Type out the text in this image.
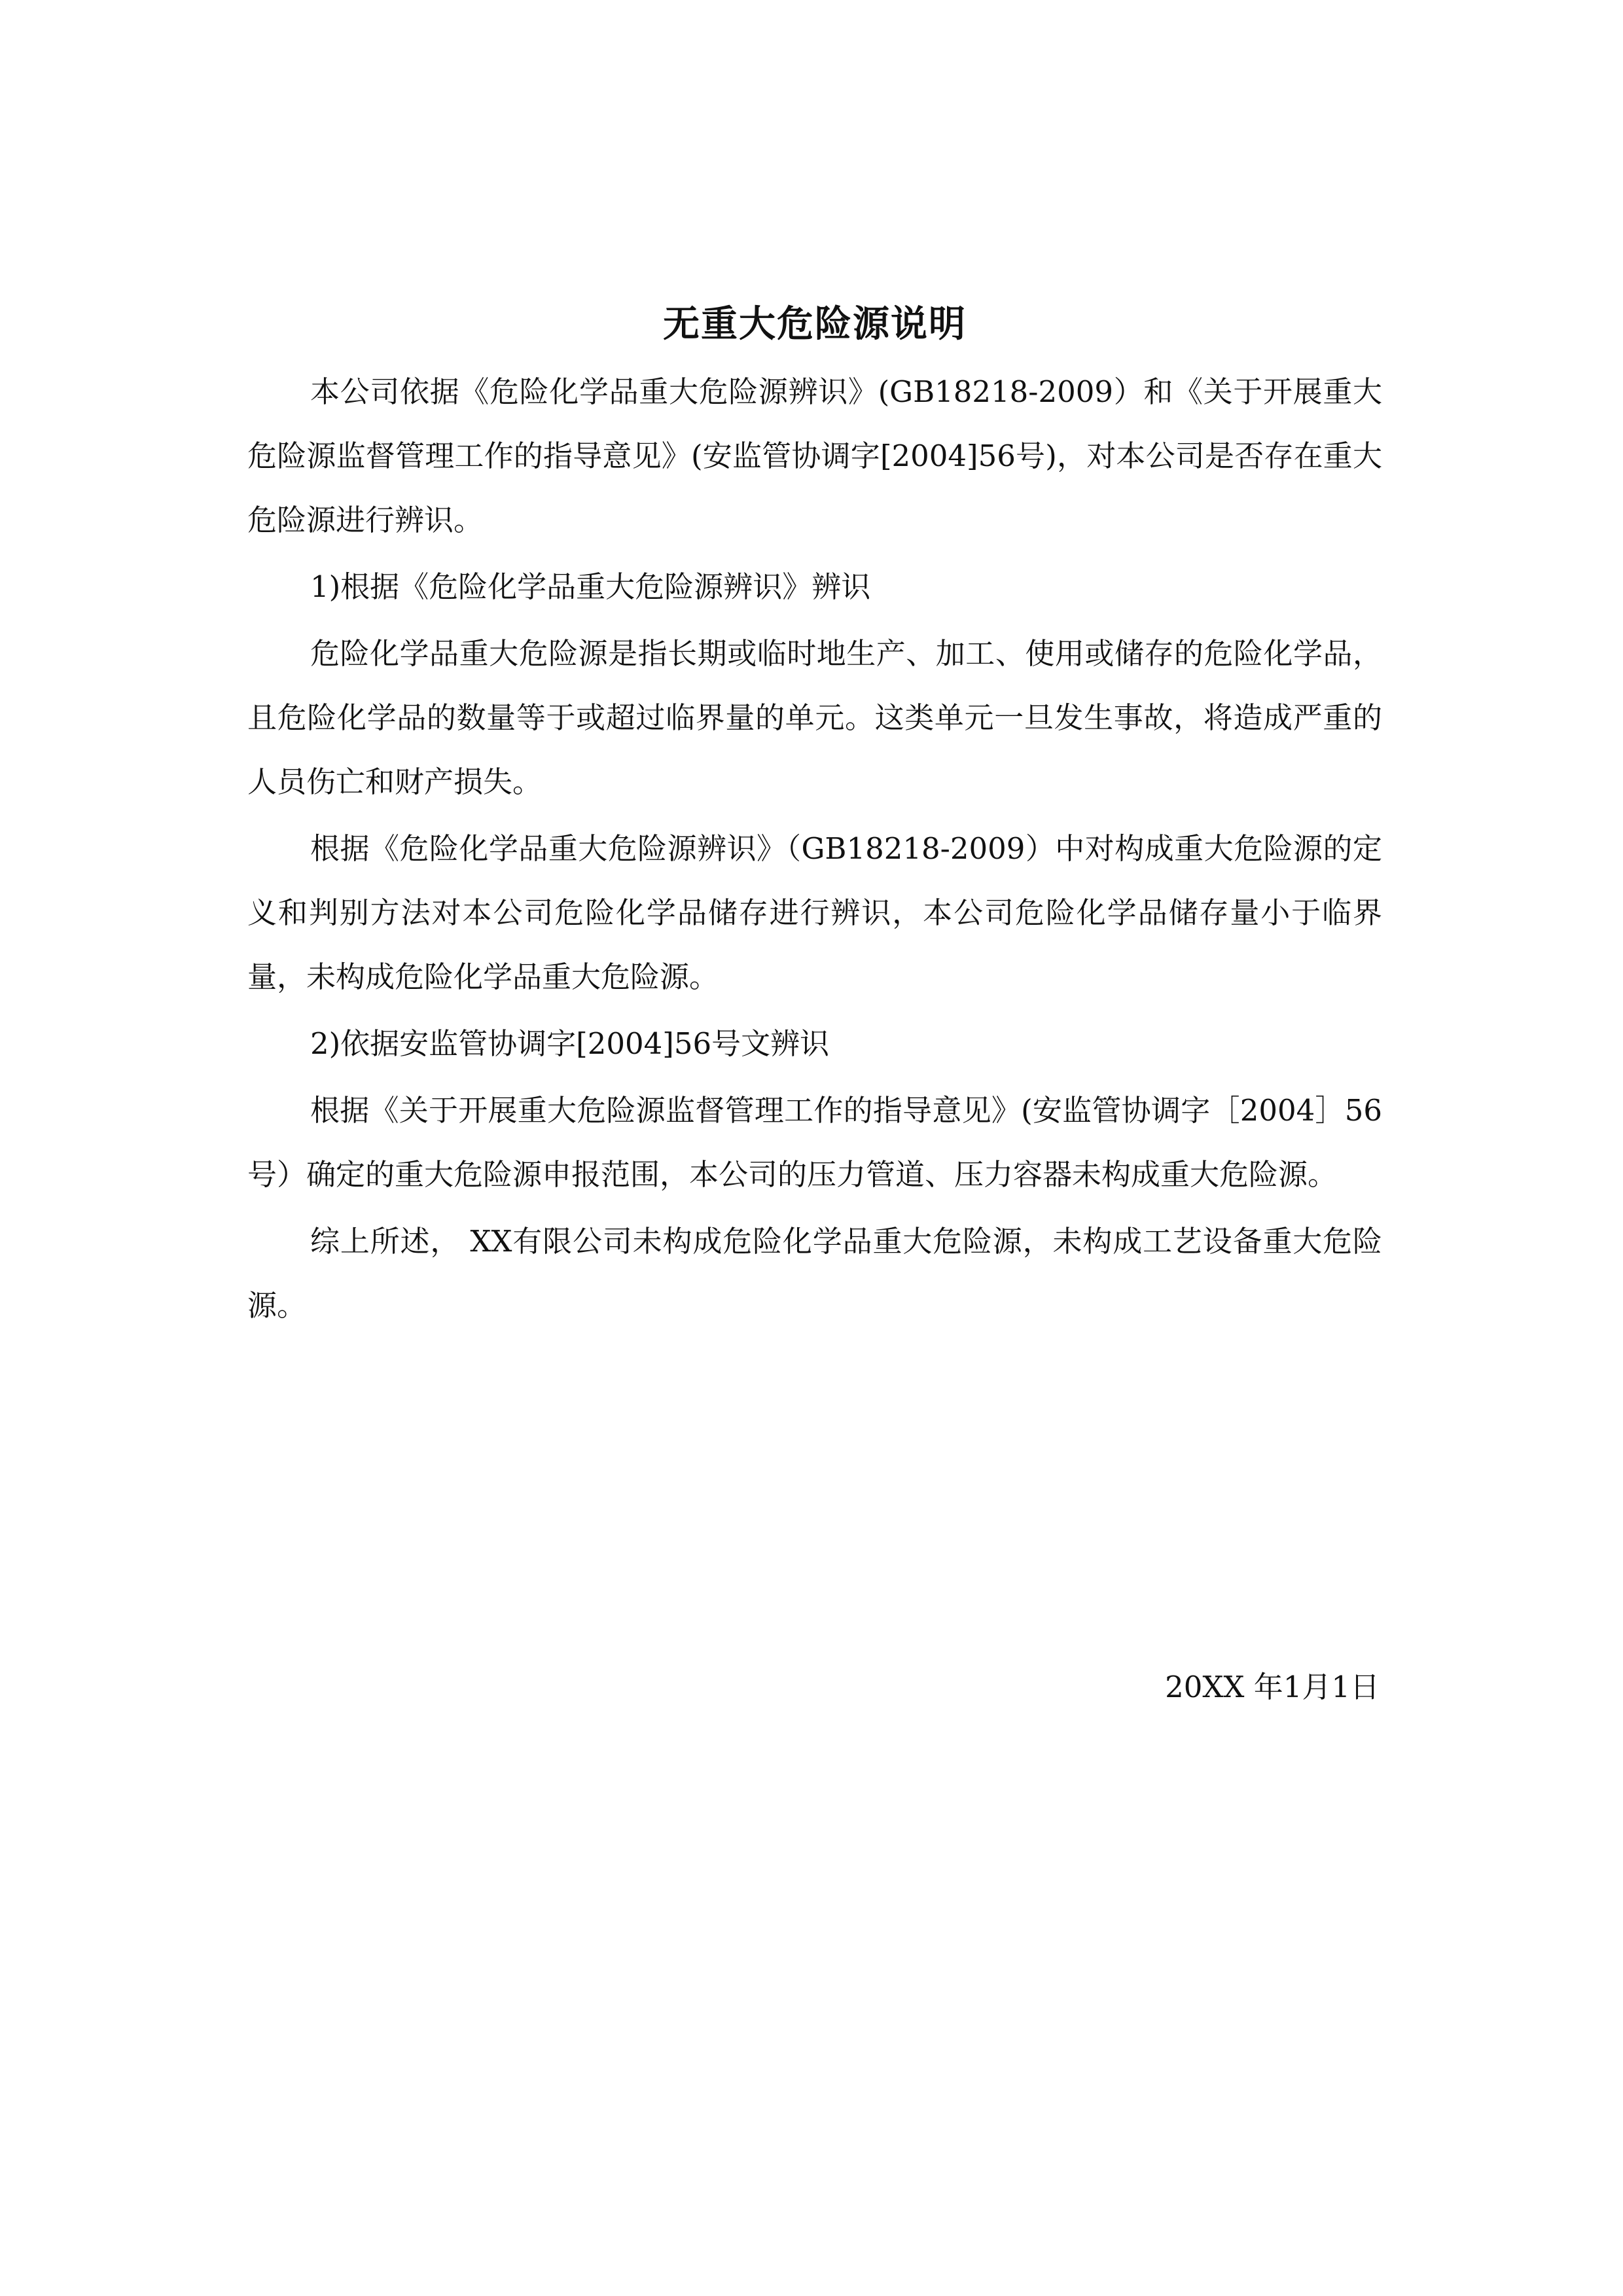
无重大危险源说明

本公司依据《危险化学品重大危险源辨识》(GB18218-2009）和《关于开展重大危险源监督管理工作的指导意见》(安监管协调字[2004]56号)，对本公司是否存在重大危险源进行辨识。

1)根据《危险化学品重大危险源辨识》辨识

危险化学品重大危险源是指长期或临时地生产、加工、使用或储存的危险化学品，且危险化学品的数量等于或超过临界量的单元。这类单元一旦发生事故，将造成严重的人员伤亡和财产损失。

根据《危险化学品重大危险源辨识》（GB18218-2009）中对构成重大危险源的定义和判别方法对本公司危险化学品储存进行辨识，本公司危险化学品储存量小于临界量，未构成危险化学品重大危险源。

2)依据安监管协调字[2004]56号文辨识

根据《关于开展重大危险源监督管理工作的指导意见》(安监管协调字［2004］56号）确定的重大危险源申报范围，本公司的压力管道、压力容器未构成重大危险源。

综上所述， XX有限公司未构成危险化学品重大危险源，未构成工艺设备重大危险源。

20XX 年1月1日
